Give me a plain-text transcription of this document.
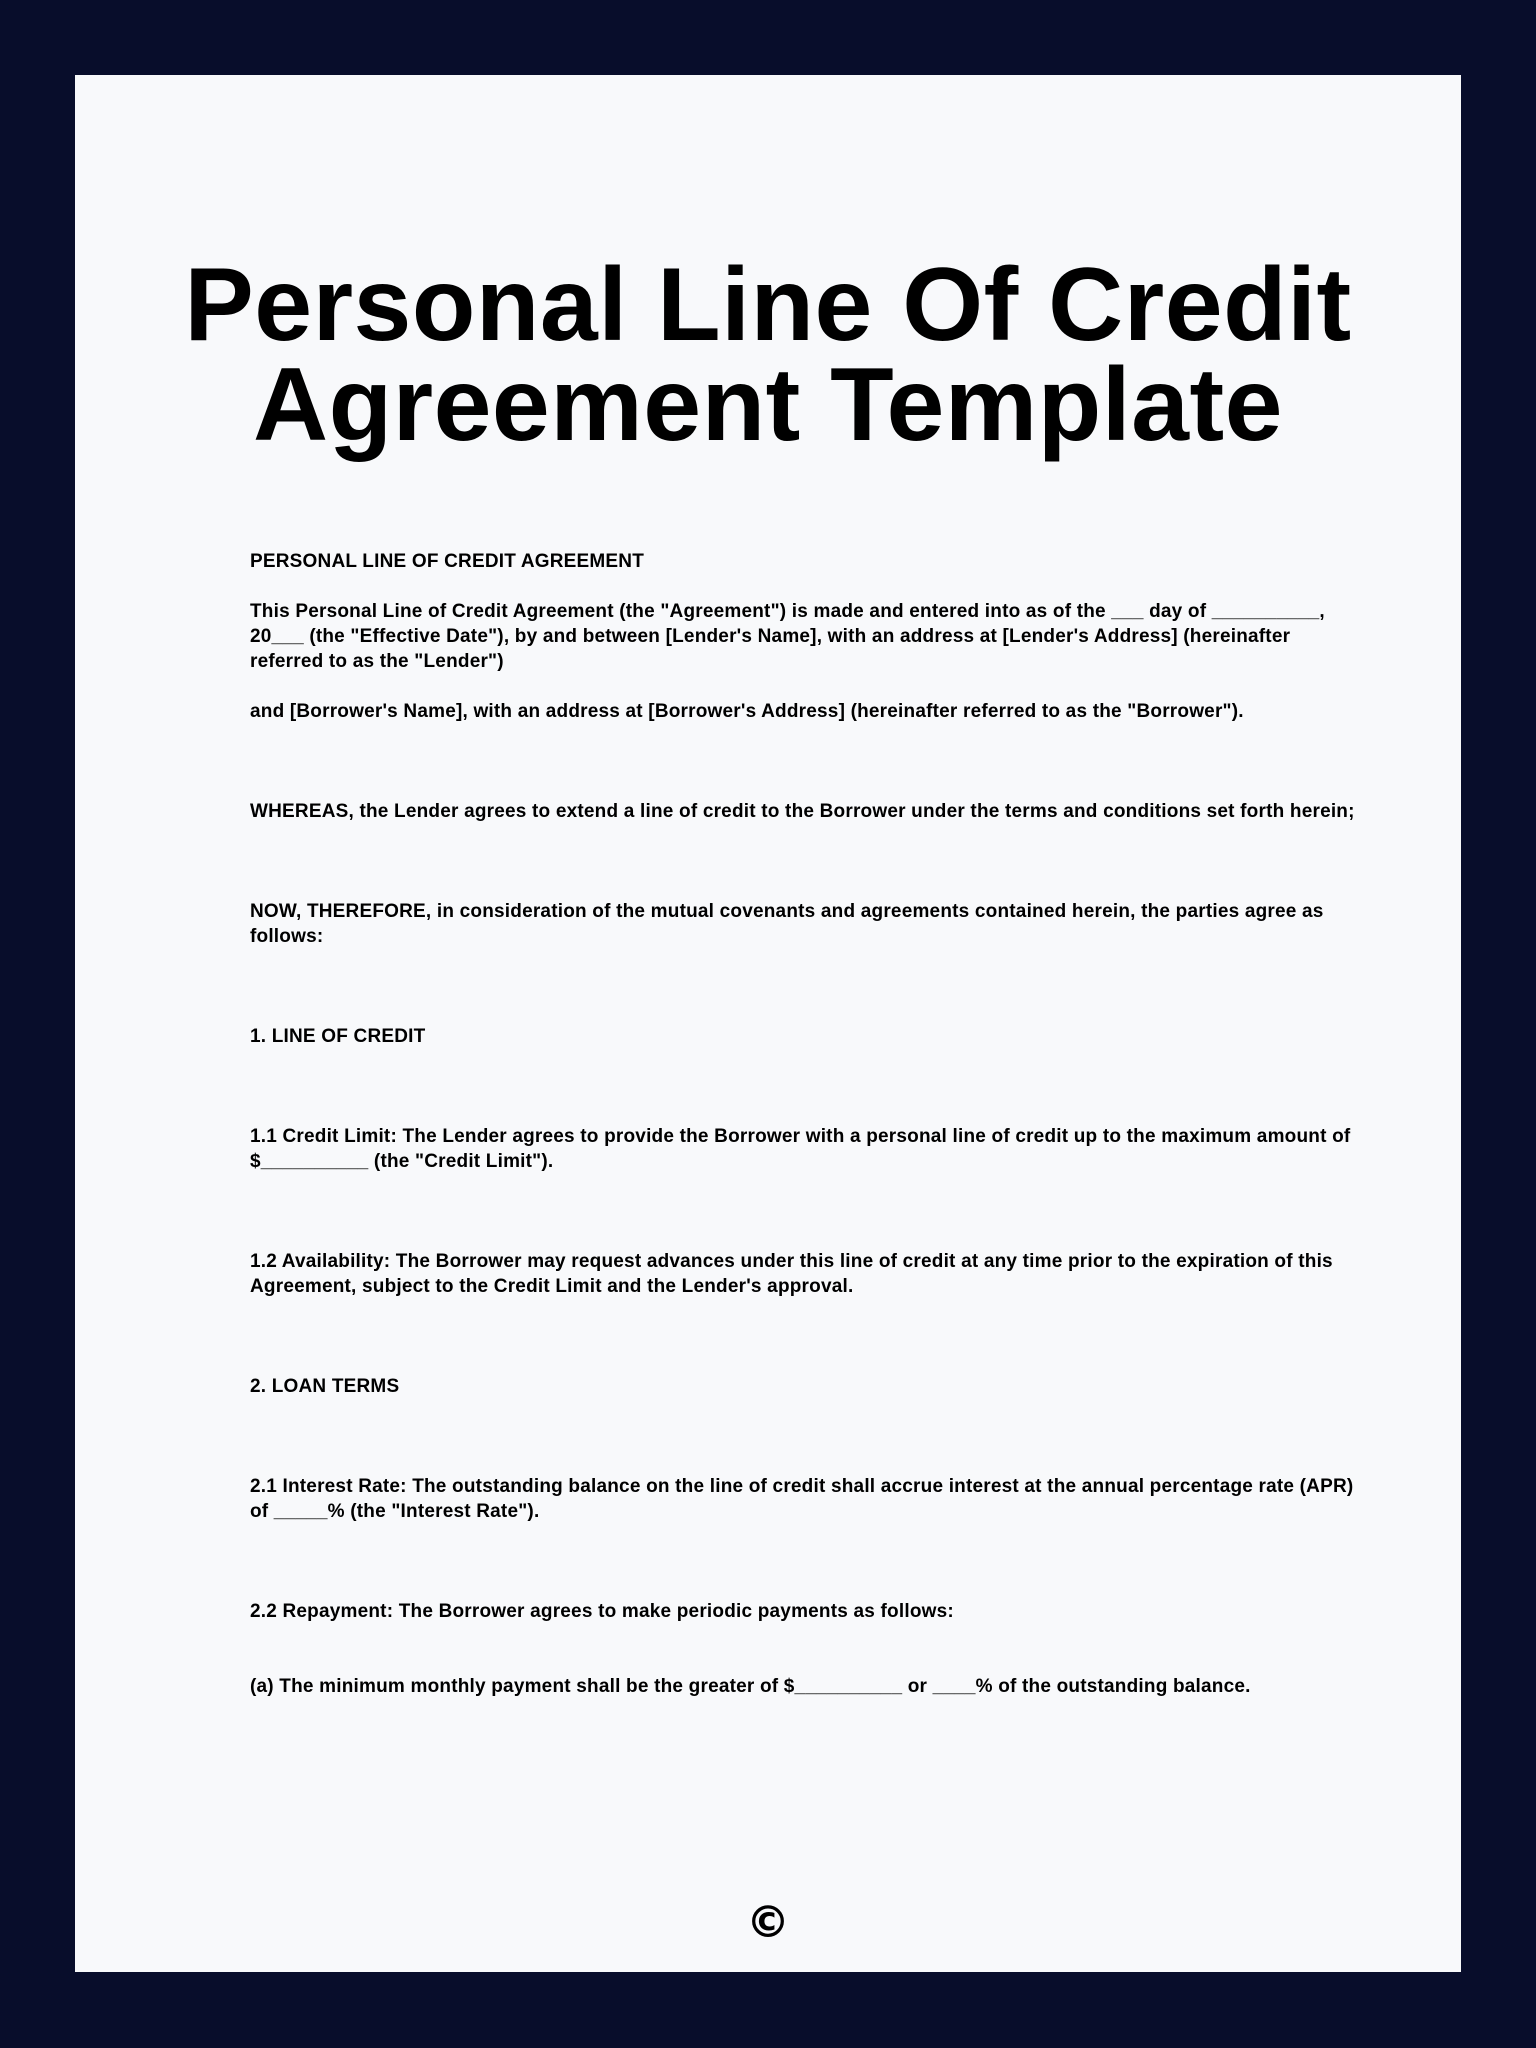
Personal Line Of Credit
Agreement Template

PERSONAL LINE OF CREDIT AGREEMENT

This Personal Line of Credit Agreement (the "Agreement") is made and entered into as of the ___ day of __________, 20___ (the "Effective Date"), by and between [Lender's Name], with an address at [Lender's Address] (hereinafter referred to as the "Lender")

and [Borrower's Name], with an address at [Borrower's Address] (hereinafter referred to as the "Borrower").

WHEREAS, the Lender agrees to extend a line of credit to the Borrower under the terms and conditions set forth herein;

NOW, THEREFORE, in consideration of the mutual covenants and agreements contained herein, the parties agree as follows:

1. LINE OF CREDIT

1.1 Credit Limit: The Lender agrees to provide the Borrower with a personal line of credit up to the maximum amount of $__________ (the "Credit Limit").

1.2 Availability: The Borrower may request advances under this line of credit at any time prior to the expiration of this Agreement, subject to the Credit Limit and the Lender's approval.

2. LOAN TERMS

2.1 Interest Rate: The outstanding balance on the line of credit shall accrue interest at the annual percentage rate (APR) of _____% (the "Interest Rate").

2.2 Repayment: The Borrower agrees to make periodic payments as follows:

(a) The minimum monthly payment shall be the greater of $__________ or ____% of the outstanding balance.

©
